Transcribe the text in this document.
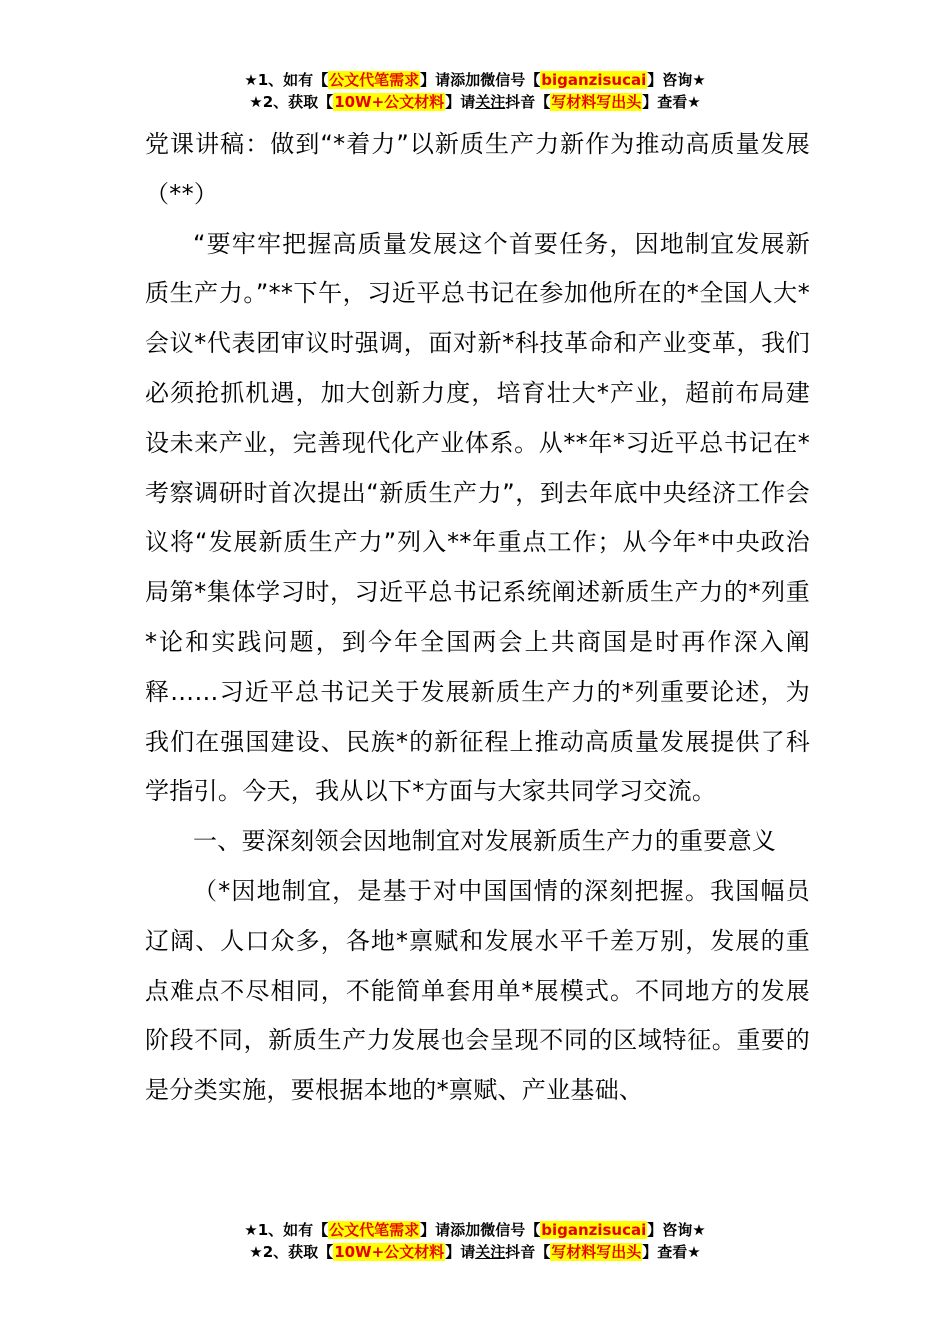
★1、如有【公文代笔需求】请添加微信号【biganzisucai】咨询★
★2、获取【10W+公文材料】请关注抖音【写材料写出头】查看★

党课讲稿：做到“*着力”以新质生产力新作为推动高质量发展（**）

“要牢牢把握高质量发展这个首要任务，因地制宜发展新质生产力。”**下午，习近平总书记在参加他所在的*全国人大*会议*代表团审议时强调，面对新*科技革命和产业变革，我们必须抢抓机遇，加大创新力度，培育壮大*产业，超前布局建设未来产业，完善现代化产业体系。从**年*习近平总书记在*考察调研时首次提出“新质生产力”，到去年底中央经济工作会议将“发展新质生产力”列入**年重点工作；从今年*中央政治局第*集体学习时，习近平总书记系统阐述新质生产力的*列重*论和实践问题，到今年全国两会上共商国是时再作深入阐释……习近平总书记关于发展新质生产力的*列重要论述，为我们在强国建设、民族*的新征程上推动高质量发展提供了科学指引。今天，我从以下*方面与大家共同学习交流。

一、要深刻领会因地制宜对发展新质生产力的重要意义

（*因地制宜，是基于对中国国情的深刻把握。我国幅员辽阔、人口众多，各地*禀赋和发展水平千差万别，发展的重点难点不尽相同，不能简单套用单*展模式。不同地方的发展阶段不同，新质生产力发展也会呈现不同的区域特征。重要的是分类实施，要根据本地的*禀赋、产业基础、

★1、如有【公文代笔需求】请添加微信号【biganzisucai】咨询★
★2、获取【10W+公文材料】请关注抖音【写材料写出头】查看★
